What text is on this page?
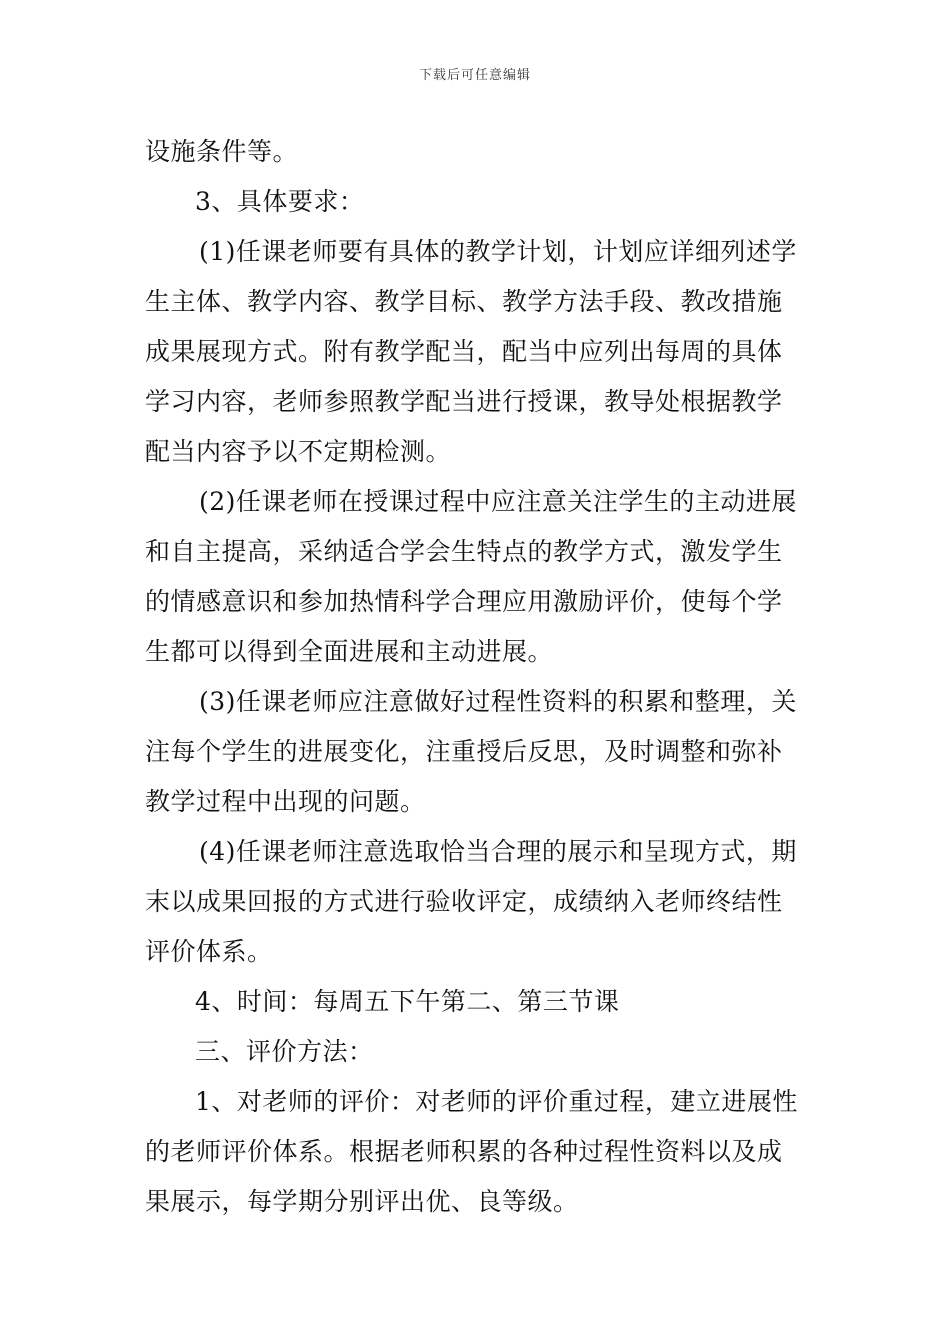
下载后可任意编辑
设施条件等。
3、具体要求：
(1)任课老师要有具体的教学计划，计划应详细列述学
生主体、教学内容、教学目标、教学方法手段、教改措施
成果展现方式。附有教学配当，配当中应列出每周的具体
学习内容，老师参照教学配当进行授课，教导处根据教学
配当内容予以不定期检测。
(2)任课老师在授课过程中应注意关注学生的主动进展
和自主提高，采纳适合学会生特点的教学方式，激发学生
的情感意识和参加热情科学合理应用激励评价，使每个学
生都可以得到全面进展和主动进展。
(3)任课老师应注意做好过程性资料的积累和整理，关
注每个学生的进展变化，注重授后反思，及时调整和弥补
教学过程中出现的问题。
(4)任课老师注意选取恰当合理的展示和呈现方式，期
末以成果回报的方式进行验收评定，成绩纳入老师终结性
评价体系。
4、时间：每周五下午第二、第三节课
三、评价方法：
1、对老师的评价：对老师的评价重过程，建立进展性
的老师评价体系。根据老师积累的各种过程性资料以及成
果展示，每学期分别评出优、良等级。
